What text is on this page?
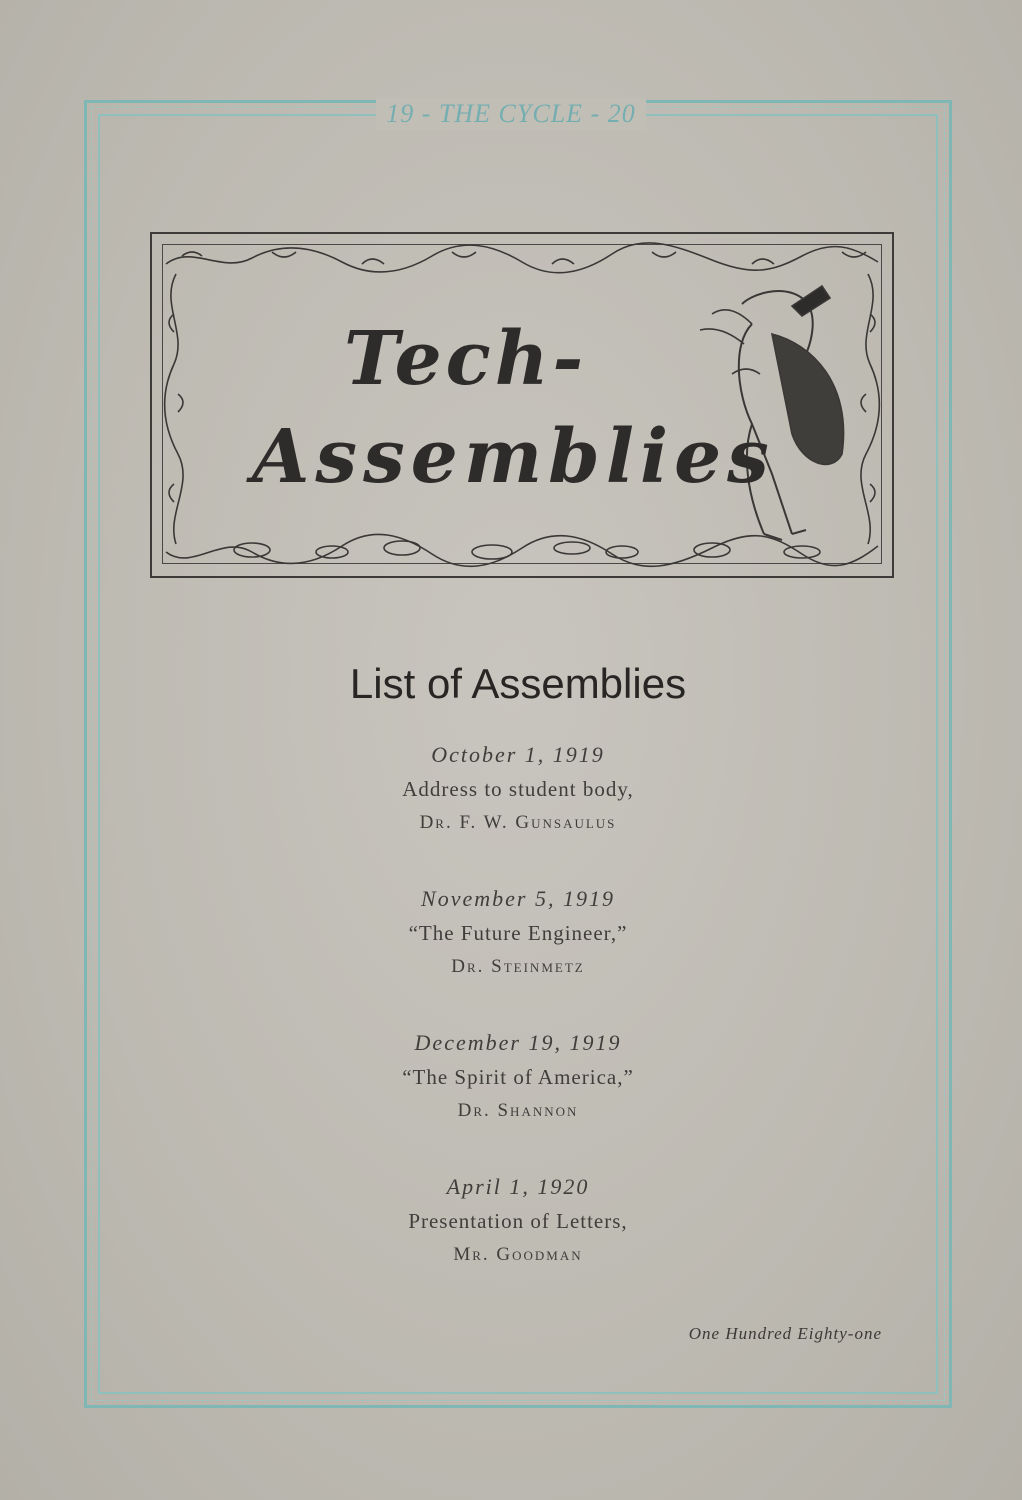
19 - THE CYCLE - 20
Tech-
Assemblies
List of Assemblies
October 1, 1919
Address to student body,
Dr. F. W. Gunsaulus
November 5, 1919
“The Future Engineer,”
Dr. Steinmetz
December 19, 1919
“The Spirit of America,”
Dr. Shannon
April 1, 1920
Presentation of Letters,
Mr. Goodman
One Hundred Eighty-one
